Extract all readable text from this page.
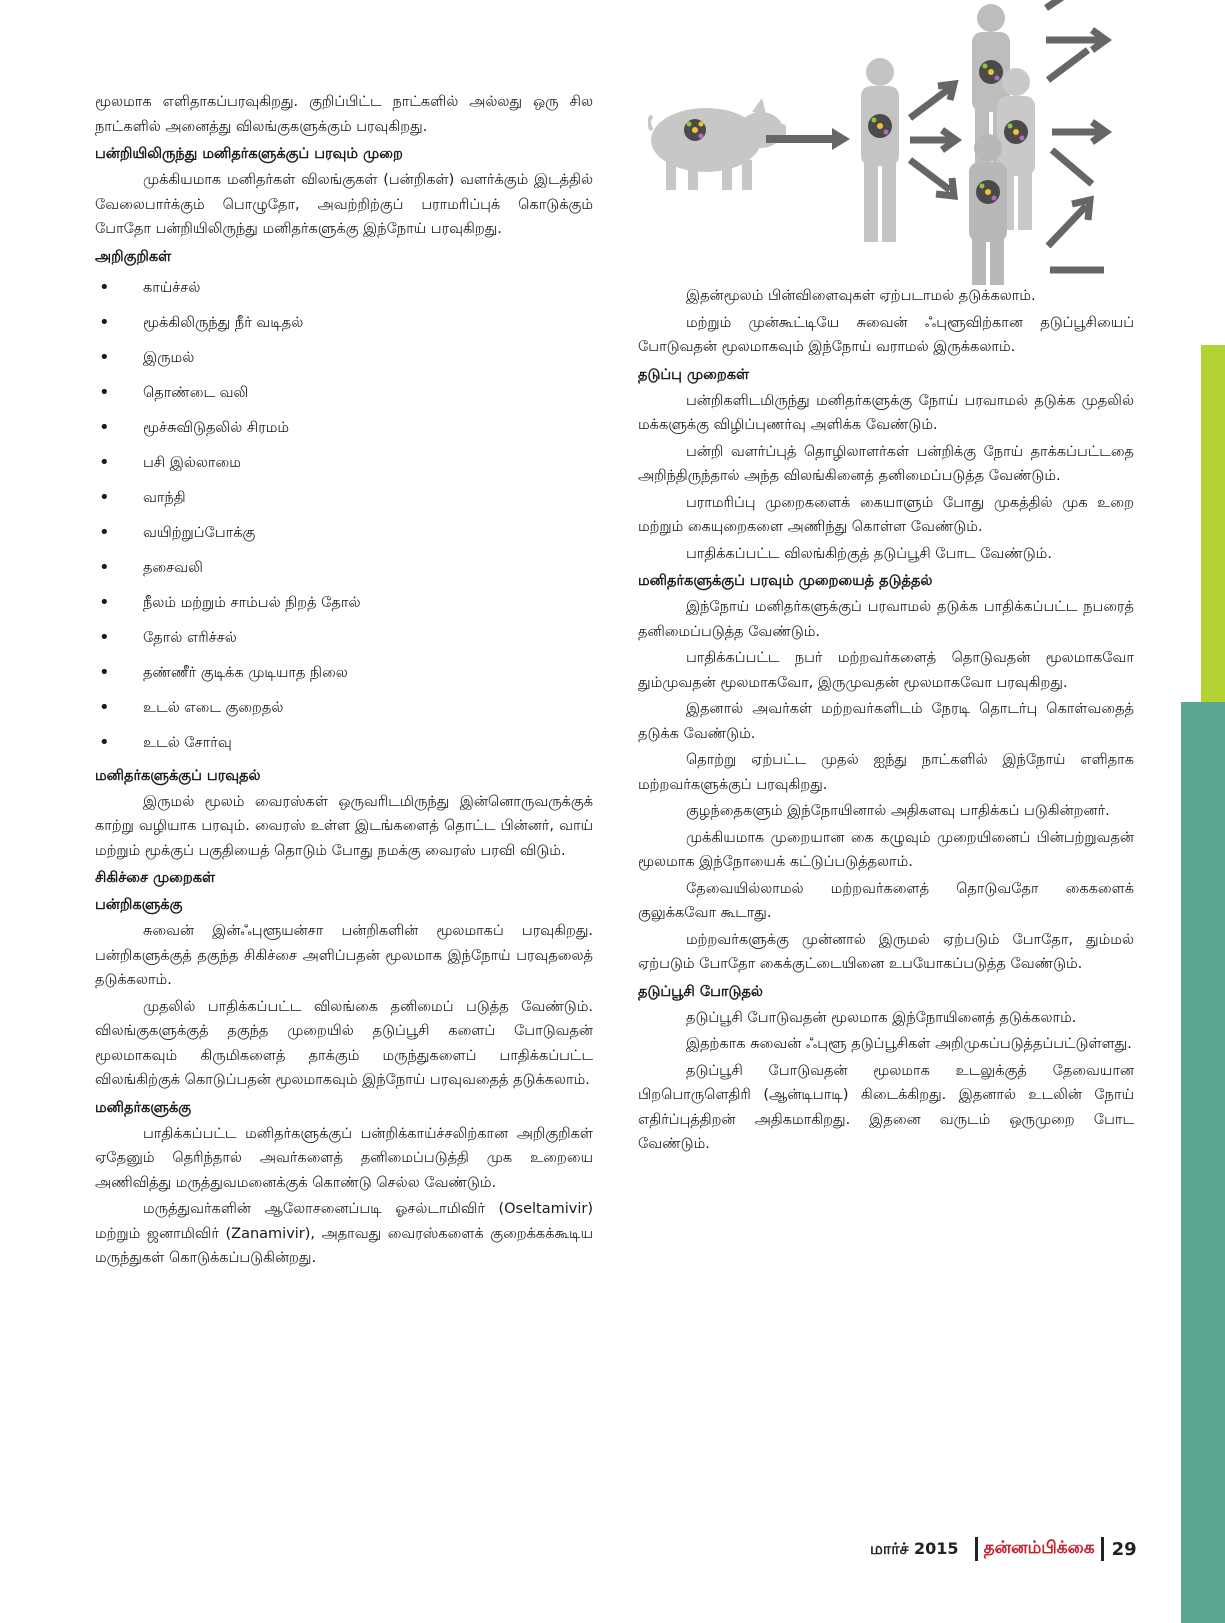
மூலமாக எளிதாகப்பரவுகிறது. குறிப்பிட்ட நாட்களில் அல்லது ஒரு சில நாட்களில் அனைத்து விலங்குகளுக்கும் பரவுகிறது.

பன்றியிலிருந்து மனிதர்களுக்குப் பரவும் முறை

முக்கியமாக மனிதர்கள் விலங்குகள் (பன்றிகள்) வளர்க்கும் இடத்தில் வேலைபார்க்கும் பொழுதோ, அவற்றிற்குப் பராமரிப்புக் கொடுக்கும் போதோ பன்றியிலிருந்து மனிதர்களுக்கு இந்நோய் பரவுகிறது.

அறிகுறிகள்
• காய்ச்சல்
• மூக்கிலிருந்து நீர் வடிதல்
• இருமல்
• தொண்டை வலி
• மூச்சுவிடுதலில் சிரமம்
• பசி இல்லாமை
• வாந்தி
• வயிற்றுப்போக்கு
• தசைவலி
• நீலம் மற்றும் சாம்பல் நிறத் தோல்
• தோல் எரிச்சல்
• தண்ணீர் குடிக்க முடியாத நிலை
• உடல் எடை குறைதல்
• உடல் சோர்வு
மனிதர்களுக்குப் பரவுதல்

இருமல் மூலம் வைரஸ்கள் ஒருவரிடமிருந்து இன்னொருவருக்குக் காற்று வழியாக பரவும். வைரஸ் உள்ள இடங்களைத் தொட்ட பின்னர், வாய் மற்றும் மூக்குப் பகுதியைத் தொடும் போது நமக்கு வைரஸ் பரவி விடும்.

சிகிச்சை முறைகள்
பன்றிகளுக்கு

சுவைன் இன்ஃபுளூயன்சா பன்றிகளின் மூலமாகப் பரவுகிறது. பன்றிகளுக்குத் தகுந்த சிகிச்சை அளிப்பதன் மூலமாக இந்நோய் பரவுதலைத் தடுக்கலாம்.

முதலில் பாதிக்கப்பட்ட விலங்கை தனிமைப் படுத்த வேண்டும். விலங்குகளுக்குத் தகுந்த முறையில் தடுப்பூசி களைப் போடுவதன் மூலமாகவும் கிருமிகளைத் தாக்கும் மருந்துகளைப் பாதிக்கப்பட்ட விலங்கிற்குக் கொடுப்பதன் மூலமாகவும் இந்நோய் பரவுவதைத் தடுக்கலாம்.

மனிதர்களுக்கு

பாதிக்கப்பட்ட மனிதர்களுக்குப் பன்றிக்காய்ச்சலிற்கான அறிகுறிகள் ஏதேனும் தெரிந்தால் அவர்களைத் தனிமைப்படுத்தி முக உறையை அணிவித்து மருத்துவமனைக்குக் கொண்டு செல்ல வேண்டும்.

மருத்துவர்களின் ஆலோசனைப்படி ஓசல்டாமிவிர் (Oseltamivir) மற்றும் ஜனாமிவிர் (Zanamivir), அதாவது வைரஸ்களைக் குறைக்கக்கூடிய மருந்துகள் கொடுக்கப்படுகின்றது.

இதன்மூலம் பின்விளைவுகள் ஏற்படாமல் தடுக்கலாம்.

மற்றும் முன்கூட்டியே சுவைன் ஃபுளூவிற்கான தடுப்பூசியைப் போடுவதன் மூலமாகவும் இந்நோய் வராமல் இருக்கலாம்.

தடுப்பு முறைகள்

பன்றிகளிடமிருந்து மனிதர்களுக்கு நோய் பரவாமல் தடுக்க முதலில் மக்களுக்கு விழிப்புணர்வு அளிக்க வேண்டும்.

பன்றி வளர்ப்புத் தொழிலாளர்கள் பன்றிக்கு நோய் தாக்கப்பட்டதை அறிந்திருந்தால் அந்த விலங்கினைத் தனிமைப்படுத்த வேண்டும்.

பராமரிப்பு முறைகளைக் கையாளும் போது முகத்தில் முக உறை மற்றும் கையுறைகளை அணிந்து கொள்ள வேண்டும்.

பாதிக்கப்பட்ட விலங்கிற்குத் தடுப்பூசி போட வேண்டும்.

மனிதர்களுக்குப் பரவும் முறையைத் தடுத்தல்

இந்நோய் மனிதர்களுக்குப் பரவாமல் தடுக்க பாதிக்கப்பட்ட நபரைத் தனிமைப்படுத்த வேண்டும்.

பாதிக்கப்பட்ட நபர் மற்றவர்களைத் தொடுவதன் மூலமாகவோ தும்முவதன் மூலமாகவோ, இருமுவதன் மூலமாகவோ பரவுகிறது.

இதனால் அவர்கள் மற்றவர்களிடம் நேரடி தொடர்பு கொள்வதைத் தடுக்க வேண்டும்.

தொற்று ஏற்பட்ட முதல் ஐந்து நாட்களில் இந்நோய் எளிதாக மற்றவர்களுக்குப் பரவுகிறது.

குழந்தைகளும் இந்நோயினால் அதிகளவு பாதிக்கப் படுகின்றனர்.

முக்கியமாக முறையான கை கழுவும் முறையினைப் பின்பற்றுவதன் மூலமாக இந்நோயைக் கட்டுப்படுத்தலாம்.

தேவையில்லாமல் மற்றவர்களைத் தொடுவதோ கைகளைக் குலுக்கவோ கூடாது.

மற்றவர்களுக்கு முன்னால் இருமல் ஏற்படும் போதோ, தும்மல் ஏற்படும் போதோ கைக்குட்டையினை உபயோகப்படுத்த வேண்டும்.

தடுப்பூசி போடுதல்

தடுப்பூசி போடுவதன் மூலமாக இந்நோயினைத் தடுக்கலாம்.

இதற்காக சுவைன் ஃபுளூ தடுப்பூசிகள் அறிமுகப்படுத்தப்பட்டுள்ளது.

தடுப்பூசி போடுவதன் மூலமாக உடலுக்குத் தேவையான பிறபொருளெதிரி (ஆன்டிபாடி) கிடைக்கிறது. இதனால் உடலின் நோய் எதிர்ப்புத்திறன் அதிகமாகிறது. இதனை வருடம் ஒருமுறை போட வேண்டும்.

மார்ச் 2015 தன்னம்பிக்கை 29
